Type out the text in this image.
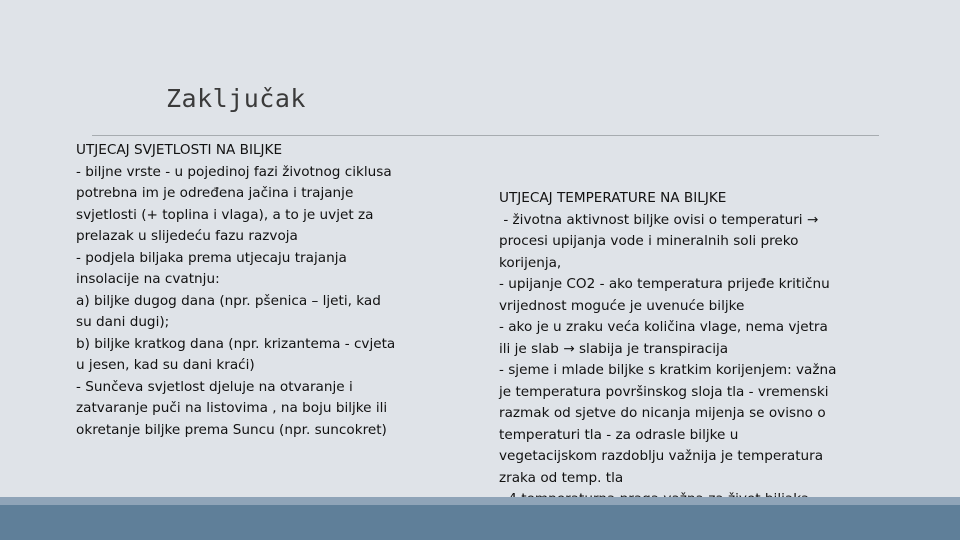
Zaključak
UTJECAJ SVJETLOSTI NA BILJKE
- biljne vrste - u pojedinoj fazi životnog ciklusa
potrebna im je određena jačina i trajanje
svjetlosti (+ toplina i vlaga), a to je uvjet za
prelazak u slijedeću fazu razvoja
- podjela biljaka prema utjecaju trajanja
insolacije na cvatnju:
a) biljke dugog dana (npr. pšenica – ljeti, kad
su dani dugi);
b) biljke kratkog dana (npr. krizantema - cvjeta
u jesen, kad su dani kraći)
- Sunčeva svjetlost djeluje na otvaranje i
zatvaranje puči na listovima , na boju biljke ili
okretanje biljke prema Suncu (npr. suncokret)
UTJECAJ TEMPERATURE NA BILJKE
- životna aktivnost biljke ovisi o temperaturi →
procesi upijanja vode i mineralnih soli preko
korijenja,
- upijanje CO2 - ako temperatura prijeđe kritičnu
vrijednost moguće je uvenuće biljke
- ako je u zraku veća količina vlage, nema vjetra
ili je slab → slabija je transpiracija
- sjeme i mlade biljke s kratkim korijenjem: važna
je temperatura površinskog sloja tla - vremenski
razmak od sjetve do nicanja mijenja se ovisno o
temperaturi tla - za odrasle biljke u
vegetacijskom razdoblju važnija je temperatura
zraka od temp. tla
